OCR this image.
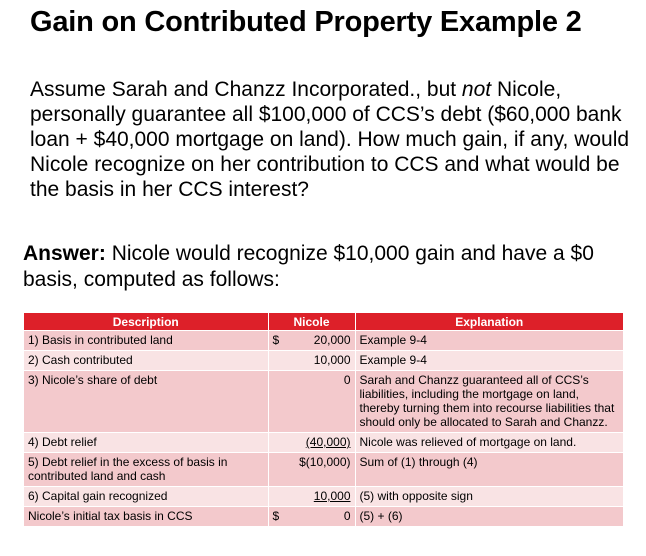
Gain on Contributed Property Example 2
Assume Sarah and Chanzz Incorporated., but not Nicole, personally guarantee all $100,000 of CCS’s debt ($60,000 bank loan + $40,000 mortgage on land). How much gain, if any, would Nicole recognize on her contribution to CCS and what would be the basis in her CCS interest?
Answer: Nicole would recognize $10,000 gain and have a $0 basis, computed as follows:
Description	Nicole	Explanation
1) Basis in contributed land	$ 20,000	Example 9-4
2) Cash contributed	10,000	Example 9-4
3) Nicole’s share of debt	0	Sarah and Chanzz guaranteed all of CCS’s liabilities, including the mortgage on land, thereby turning them into recourse liabilities that should only be allocated to Sarah and Chanzz.
4) Debt relief	(40,000)	Nicole was relieved of mortgage on land.
5) Debt relief in the excess of basis in contributed land and cash	$(10,000)	Sum of (1) through (4)
6) Capital gain recognized	10,000	(5) with opposite sign
Nicole’s initial tax basis in CCS	$ 0	(5) + (6)
